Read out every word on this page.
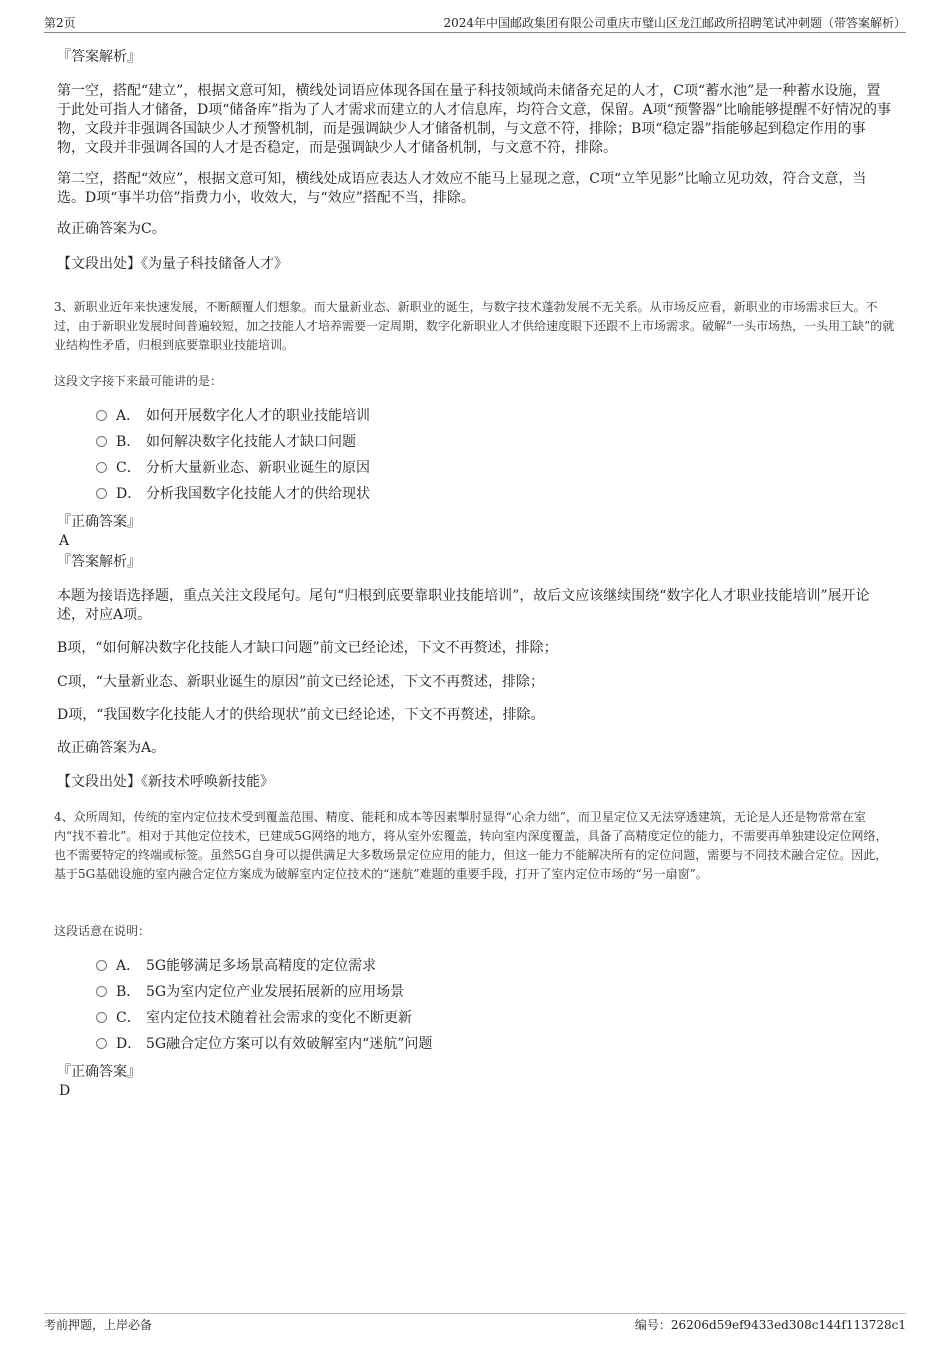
第2页	2024年中国邮政集团有限公司重庆市璧山区龙江邮政所招聘笔试冲刺题（带答案解析）
『答案解析』
第一空，搭配“建立”，根据文意可知，横线处词语应体现各国在量子科技领域尚未储备充足的人才，C项“蓄水池”是一种蓄水设施，置于此处可指人才储备，D项“储备库”指为了人才需求而建立的人才信息库，均符合文意，保留。A项“预警器”比喻能够提醒不好情况的事物，文段并非强调各国缺少人才预警机制，而是强调缺少人才储备机制，与文意不符，排除；B项“稳定器”指能够起到稳定作用的事物，文段并非强调各国的人才是否稳定，而是强调缺少人才储备机制，与文意不符，排除。
第二空，搭配“效应”，根据文意可知，横线处成语应表达人才效应不能马上显现之意，C项“立竿见影”比喻立见功效，符合文意，当选。D项“事半功倍”指费力小，收效大，与“效应”搭配不当，排除。
故正确答案为C。
【文段出处】《为量子科技储备人才》
3、新职业近年来快速发展，不断颠覆人们想象。而大量新业态、新职业的诞生，与数字技术蓬勃发展不无关系。从市场反应看，新职业的市场需求巨大。不过，由于新职业发展时间普遍较短，加之技能人才培养需要一定周期，数字化新职业人才供给速度眼下还跟不上市场需求。破解“一头市场热，一头用工缺”的就业结构性矛盾，归根到底要靠职业技能培训。
这段文字接下来最可能讲的是：
A． 如何开展数字化人才的职业技能培训
B． 如何解决数字化技能人才缺口问题
C． 分析大量新业态、新职业诞生的原因
D． 分析我国数字化技能人才的供给现状
『正确答案』
A
『答案解析』
本题为接语选择题，重点关注文段尾句。尾句“归根到底要靠职业技能培训”，故后文应该继续围绕“数字化人才职业技能培训”展开论述，对应A项。
B项，“如何解决数字化技能人才缺口问题”前文已经论述，下文不再赘述，排除；
C项，“大量新业态、新职业诞生的原因”前文已经论述，下文不再赘述，排除；
D项，“我国数字化技能人才的供给现状”前文已经论述，下文不再赘述，排除。
故正确答案为A。
【文段出处】《新技术呼唤新技能》
4、众所周知，传统的室内定位技术受到覆盖范围、精度、能耗和成本等因素掣肘显得“心余力绌”，而卫星定位又无法穿透建筑，无论是人还是物常常在室内“找不着北”。相对于其他定位技术，已建成5G网络的地方，将从室外宏覆盖，转向室内深度覆盖，具备了高精度定位的能力，不需要再单独建设定位网络，也不需要特定的终端或标签。虽然5G自身可以提供满足大多数场景定位应用的能力，但这一能力不能解决所有的定位问题，需要与不同技术融合定位。因此，基于5G基础设施的室内融合定位方案成为破解室内定位技术的“迷航”难题的重要手段，打开了室内定位市场的“另一扇窗”。
这段话意在说明：
A． 5G能够满足多场景高精度的定位需求
B． 5G为室内定位产业发展拓展新的应用场景
C． 室内定位技术随着社会需求的变化不断更新
D． 5G融合定位方案可以有效破解室内“迷航”问题
『正确答案』
D
考前押题，上岸必备	编号：26206d59ef9433ed308c144f113728c1
